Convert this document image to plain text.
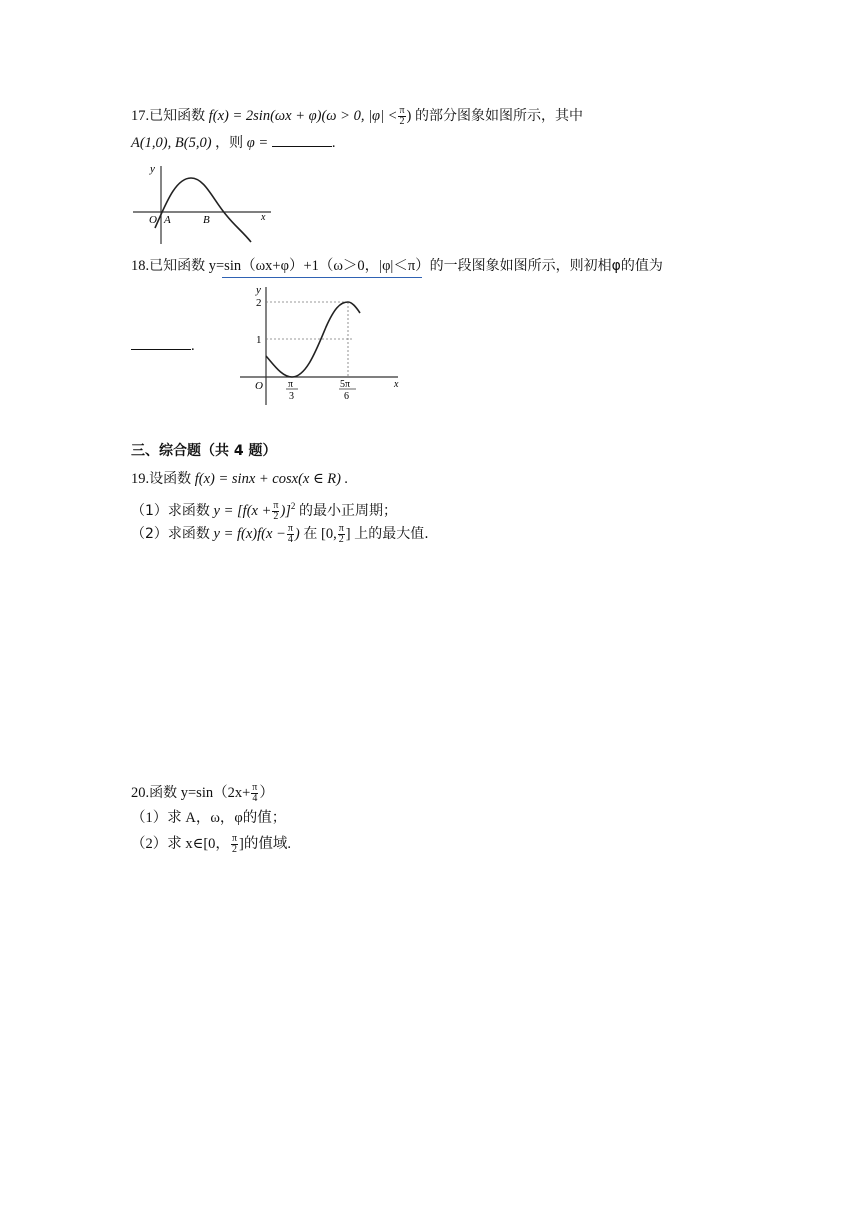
17.已知函数 f(x) = 2sin(ωx + φ)(ω > 0, $|\varphi| < \frac{\pi}{2}$ ) 的部分图象如图所示，其中
A(1,0), B(5,0) ，则 φ =	.
y
O A	B	x
18.已知函数 y=sin（ωx+φ）+1（ω＞0，|φ|＜π）的一段图象如图所示，则初相φ的值为
.
y
2
1
O	x
π
3
5π
6
三、综合题（共 4 题）
19.设函数 f(x) = sinx + cosx(x ∈ R) .
（1）求函数 $y = [f(x + \frac{\pi}{2} )]^2$ 的最小正周期；
（2）求函数 $y = f(x)f(x - \frac{\pi}{4}$ ) 在 [0, $\frac{\pi}{2}$ ] 上的最大值.
20.函数 $y=\sin(2x+ \frac{\pi}{4}$ ）
（1）求 A，ω，φ的值；
（2）求 x∈[0， $\frac{\pi}{2}$ ]的值域.
